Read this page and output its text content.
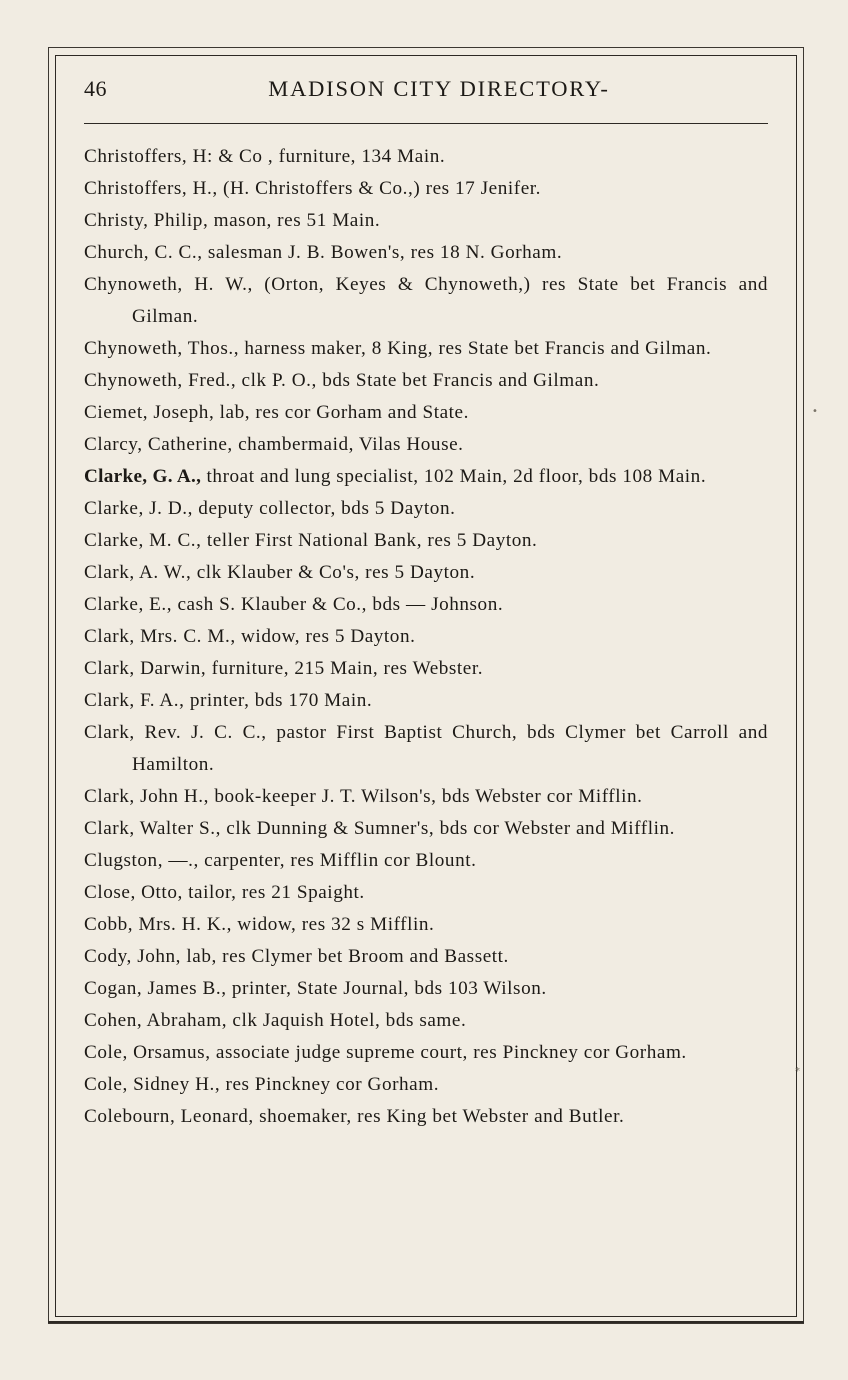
46	MADISON CITY DIRECTORY-
Christoffers, H: & Co , furniture, 134 Main.
Christoffers, H., (H. Christoffers & Co.,) res 17 Jenifer.
Christy, Philip, mason, res 51 Main.
Church, C. C., salesman J. B. Bowen's, res 18 N. Gorham.
Chynoweth, H. W., (Orton, Keyes & Chynoweth,) res State bet Francis and Gilman.
Chynoweth, Thos., harness maker, 8 King, res State bet Francis and Gilman.
Chynoweth, Fred., clk P. O., bds State bet Francis and Gilman.
Ciemet, Joseph, lab, res cor Gorham and State.
Clarcy, Catherine, chambermaid, Vilas House.
Clarke, G. A., throat and lung specialist, 102 Main, 2d floor, bds 108 Main.
Clarke, J. D., deputy collector, bds 5 Dayton.
Clarke, M. C., teller First National Bank, res 5 Dayton.
Clark, A. W., clk Klauber & Co's, res 5 Dayton.
Clarke, E., cash S. Klauber & Co., bds — Johnson.
Clark, Mrs. C. M., widow, res 5 Dayton.
Clark, Darwin, furniture, 215 Main, res Webster.
Clark, F. A., printer, bds 170 Main.
Clark, Rev. J. C. C., pastor First Baptist Church, bds Clymer bet Carroll and Hamilton.
Clark, John H., book-keeper J. T. Wilson's, bds Webster cor Mifflin.
Clark, Walter S., clk Dunning & Sumner's, bds cor Webster and Mifflin.
Clugston, —., carpenter, res Mifflin cor Blount.
Close, Otto, tailor, res 21 Spaight.
Cobb, Mrs. H. K., widow, res 32 s Mifflin.
Cody, John, lab, res Clymer bet Broom and Bassett.
Cogan, James B., printer, State Journal, bds 103 Wilson.
Cohen, Abraham, clk Jaquish Hotel, bds same.
Cole, Orsamus, associate judge supreme court, res Pinckney cor Gorham.
Cole, Sidney H., res Pinckney cor Gorham.
Colebourn, Leonard, shoemaker, res King bet Webster and Butler.
•
*
